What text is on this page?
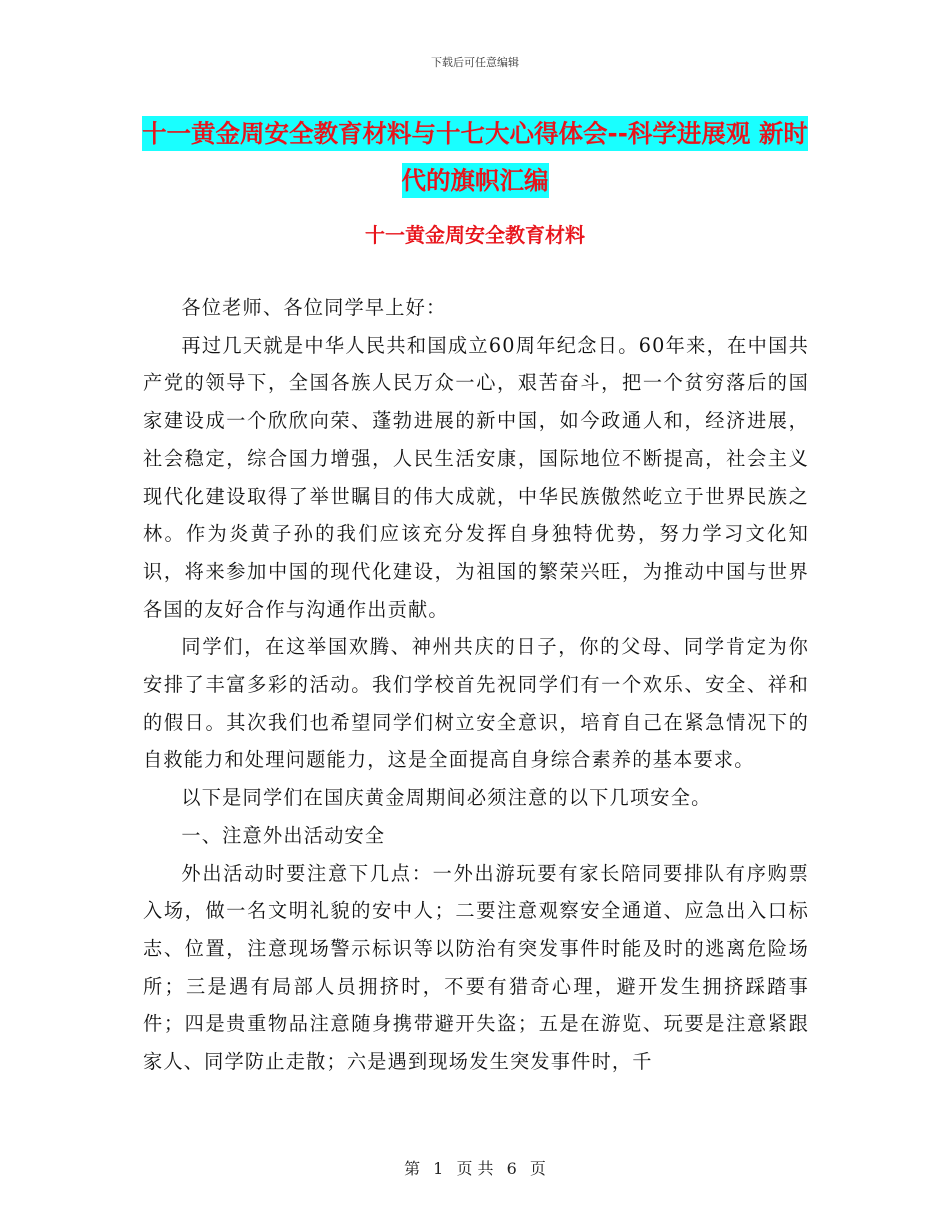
下载后可任意编辑
十一黄金周安全教育材料与十七大心得体会--科学进展观 新时代的旗帜汇编
十一黄金周安全教育材料

各位老师、各位同学早上好：

再过几天就是中华人民共和国成立60周年纪念日。60年来，在中国共产党的领导下，全国各族人民万众一心，艰苦奋斗，把一个贫穷落后的国家建设成一个欣欣向荣、蓬勃进展的新中国，如今政通人和，经济进展，社会稳定，综合国力增强，人民生活安康，国际地位不断提高，社会主义现代化建设取得了举世瞩目的伟大成就，中华民族傲然屹立于世界民族之林。作为炎黄子孙的我们应该充分发挥自身独特优势，努力学习文化知识，将来参加中国的现代化建设，为祖国的繁荣兴旺，为推动中国与世界各国的友好合作与沟通作出贡献。

同学们，在这举国欢腾、神州共庆的日子，你的父母、同学肯定为你安排了丰富多彩的活动。我们学校首先祝同学们有一个欢乐、安全、祥和的假日。其次我们也希望同学们树立安全意识，培育自己在紧急情况下的自救能力和处理问题能力，这是全面提高自身综合素养的基本要求。

以下是同学们在国庆黄金周期间必须注意的以下几项安全。

一、注意外出活动安全

外出活动时要注意下几点：一外出游玩要有家长陪同要排队有序购票入场，做一名文明礼貌的安中人；二要注意观察安全通道、应急出入口标志、位置，注意现场警示标识等以防治有突发事件时能及时的逃离危险场所；三是遇有局部人员拥挤时，不要有猎奇心理，避开发生拥挤踩踏事件；四是贵重物品注意随身携带避开失盗；五是在游览、玩要是注意紧跟家人、同学防止走散；六是遇到现场发生突发事件时，千

第 1 页 共 6 页
